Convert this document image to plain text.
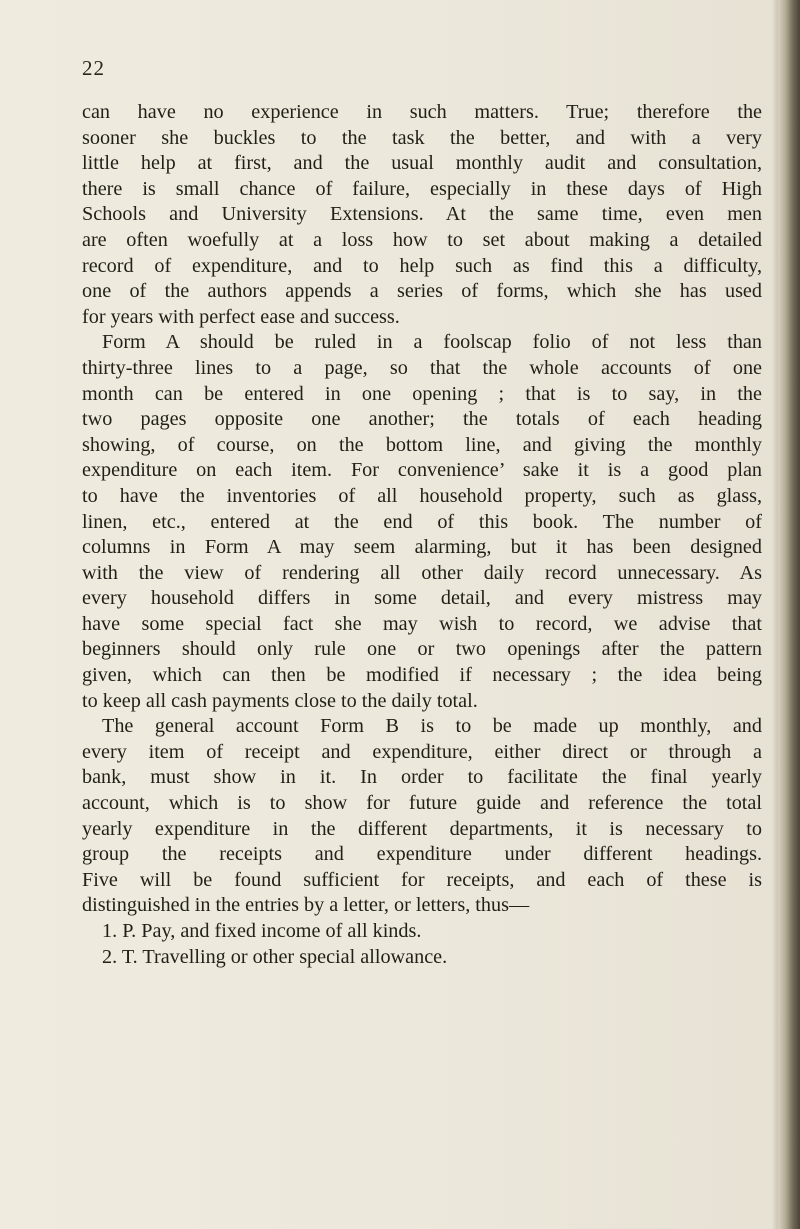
22
can have no experience in such matters. True; therefore the
sooner she buckles to the task the better, and with a very
little help at first, and the usual monthly audit and consultation,
there is small chance of failure, especially in these days of High
Schools and University Extensions. At the same time, even men
are often woefully at a loss how to set about making a detailed
record of expenditure, and to help such as find this a difficulty,
one of the authors appends a series of forms, which she has used
for years with perfect ease and success.
Form A should be ruled in a foolscap folio of not less than
thirty-three lines to a page, so that the whole accounts of one
month can be entered in one opening ; that is to say, in the
two pages opposite one another; the totals of each heading
showing, of course, on the bottom line, and giving the monthly
expenditure on each item. For convenience’ sake it is a good plan
to have the inventories of all household property, such as glass,
linen, etc., entered at the end of this book. The number of
columns in Form A may seem alarming, but it has been designed
with the view of rendering all other daily record unnecessary. As
every household differs in some detail, and every mistress may
have some special fact she may wish to record, we advise that
beginners should only rule one or two openings after the pattern
given, which can then be modified if necessary ; the idea being
to keep all cash payments close to the daily total.
The general account Form B is to be made up monthly, and
every item of receipt and expenditure, either direct or through a
bank, must show in it. In order to facilitate the final yearly
account, which is to show for future guide and reference the total
yearly expenditure in the different departments, it is necessary to
group the receipts and expenditure under different headings.
Five will be found sufficient for receipts, and each of these is
distinguished in the entries by a letter, or letters, thus—
1. P. Pay, and fixed income of all kinds.
2. T. Travelling or other special allowance.
